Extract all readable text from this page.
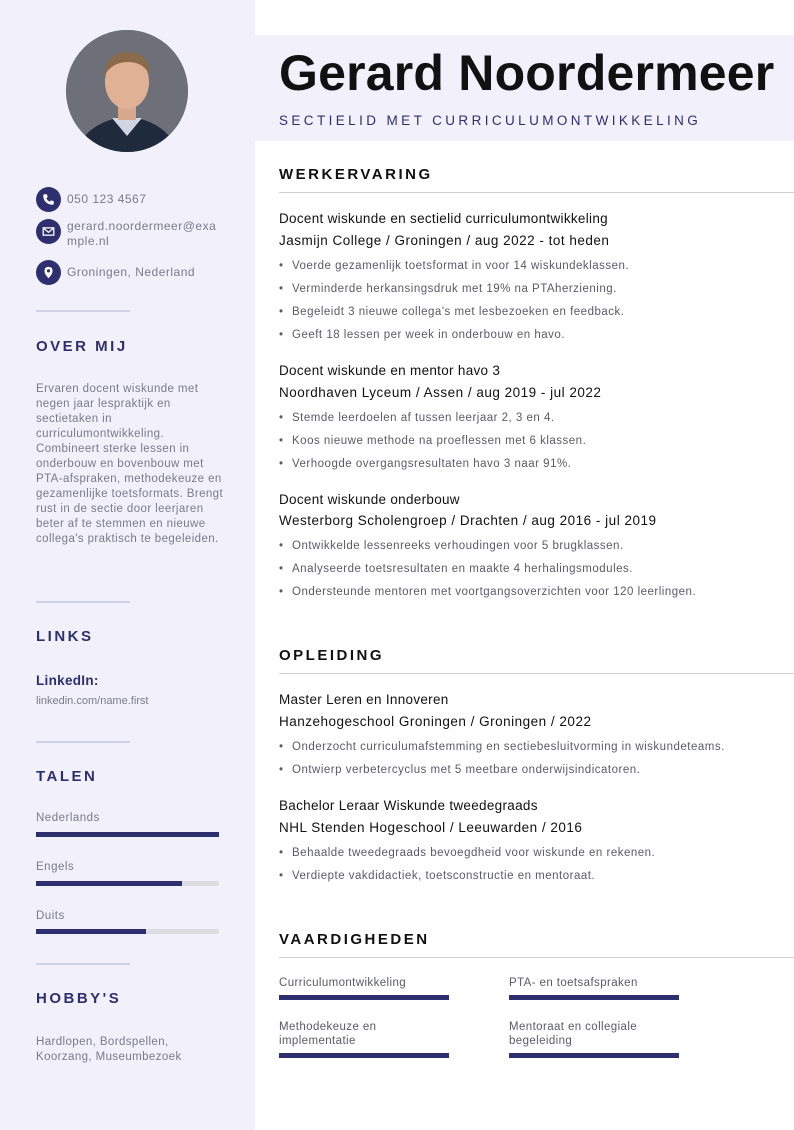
050 123 4567
gerard.noordermeer@example.nl
Groningen, Nederland
OVER MIJ
Ervaren docent wiskunde met negen jaar lespraktijk en sectietaken in curriculumontwikkeling. Combineert sterke lessen in onderbouw en bovenbouw met PTA-afspraken, methodekeuze en gezamenlijke toetsformats. Brengt rust in de sectie door leerjaren beter af te stemmen en nieuwe collega's praktisch te begeleiden.
LINKS
LinkedIn:
linkedin.com/name.first
TALEN
Nederlands
Engels
Duits
HOBBY'S
Hardlopen, Bordspellen, Koorzang, Museumbezoek
Gerard Noordermeer
SECTIELID MET CURRICULUMONTWIKKELING
WERKERVARING
Docent wiskunde en sectielid curriculumontwikkeling
Jasmijn College / Groningen / aug 2022 - tot heden
• Voerde gezamenlijk toetsformat in voor 14 wiskundeklassen.
• Verminderde herkansingsdruk met 19% na PTAherziening.
• Begeleidt 3 nieuwe collega's met lesbezoeken en feedback.
• Geeft 18 lessen per week in onderbouw en havo.
Docent wiskunde en mentor havo 3
Noordhaven Lyceum / Assen / aug 2019 - jul 2022
• Stemde leerdoelen af tussen leerjaar 2, 3 en 4.
• Koos nieuwe methode na proeflessen met 6 klassen.
• Verhoogde overgangsresultaten havo 3 naar 91%.
Docent wiskunde onderbouw
Westerborg Scholengroep / Drachten / aug 2016 - jul 2019
• Ontwikkelde lessenreeks verhoudingen voor 5 brugklassen.
• Analyseerde toetsresultaten en maakte 4 herhalingsmodules.
• Ondersteunde mentoren met voortgangsoverzichten voor 120 leerlingen.
OPLEIDING
Master Leren en Innoveren
Hanzehogeschool Groningen / Groningen / 2022
• Onderzocht curriculumafstemming en sectiebesluitvorming in wiskundeteams.
• Ontwierp verbetercyclus met 5 meetbare onderwijsindicatoren.
Bachelor Leraar Wiskunde tweedegraads
NHL Stenden Hogeschool / Leeuwarden / 2016
• Behaalde tweedegraads bevoegdheid voor wiskunde en rekenen.
• Verdiepte vakdidactiek, toetsconstructie en mentoraat.
VAARDIGHEDEN
Curriculumontwikkeling	PTA- en toetsafspraken
Methodekeuze en implementatie
Mentoraat en collegiale begeleiding
